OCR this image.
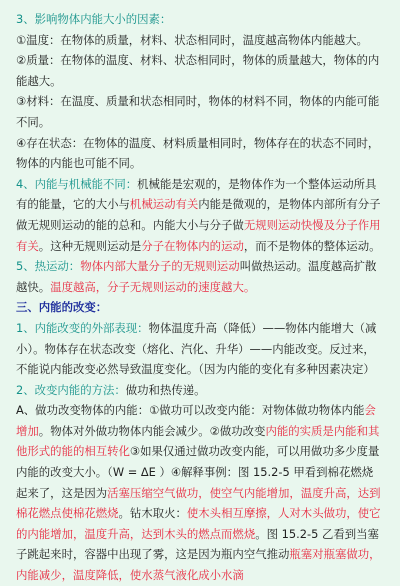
3、影响物体内能大小的因素：

①温度：在物体的质量，材料、状态相同时，温度越高物体内能越大。

②质量：在物体的温度、材料、状态相同时，物体的质量越大，物体的内能越大。

③材料：在温度、质量和状态相同时，物体的材料不同，物体的内能可能不同。

④存在状态：在物体的温度、材料质量相同时，物体存在的状态不同时，物体的内能也可能不同。

4、内能与机械能不同：机械能是宏观的，是物体作为一个整体运动所具有的能量，它的大小与机械运动有关内能是微观的，是物体内部所有分子做无规则运动的能的总和。内能大小与分子做无规则运动快慢及分子作用有关。这种无规则运动是分子在物体内的运动，而不是物体的整体运动。

5、热运动：物体内部大量分子的无规则运动叫做热运动。温度越高扩散越快。温度越高，分子无规则运动的速度越大。

三、内能的改变：

1、内能改变的外部表现：物体温度升高（降低）——物体内能增大（减小）。物体存在状态改变（熔化、汽化、升华）——内能改变。反过来，不能说内能改变必然导致温度变化。（因为内能的变化有多种因素决定）

2、改变内能的方法：做功和热传递。

A、做功改变物体的内能：①做功可以改变内能：对物体做功物体内能会增加。物体对外做功物体内能会减少。②做功改变内能的实质是内能和其他形式的能的相互转化③如果仅通过做功改变内能，可以用做功多少度量内能的改变大小。（W = ΔE ）④解释事例：图 15.2-5 甲看到棉花燃烧起来了，这是因为活塞压缩空气做功，使空气内能增加，温度升高，达到棉花燃点使棉花燃烧。钻木取火：使木头相互摩擦，人对木头做功，使它的内能增加，温度升高，达到木头的燃点而燃烧。图 15.2-5 乙看到当塞子跳起来时，容器中出现了雾，这是因为瓶内空气推动瓶塞对瓶塞做功，内能减少，温度降低，使水蒸气液化成小水滴
